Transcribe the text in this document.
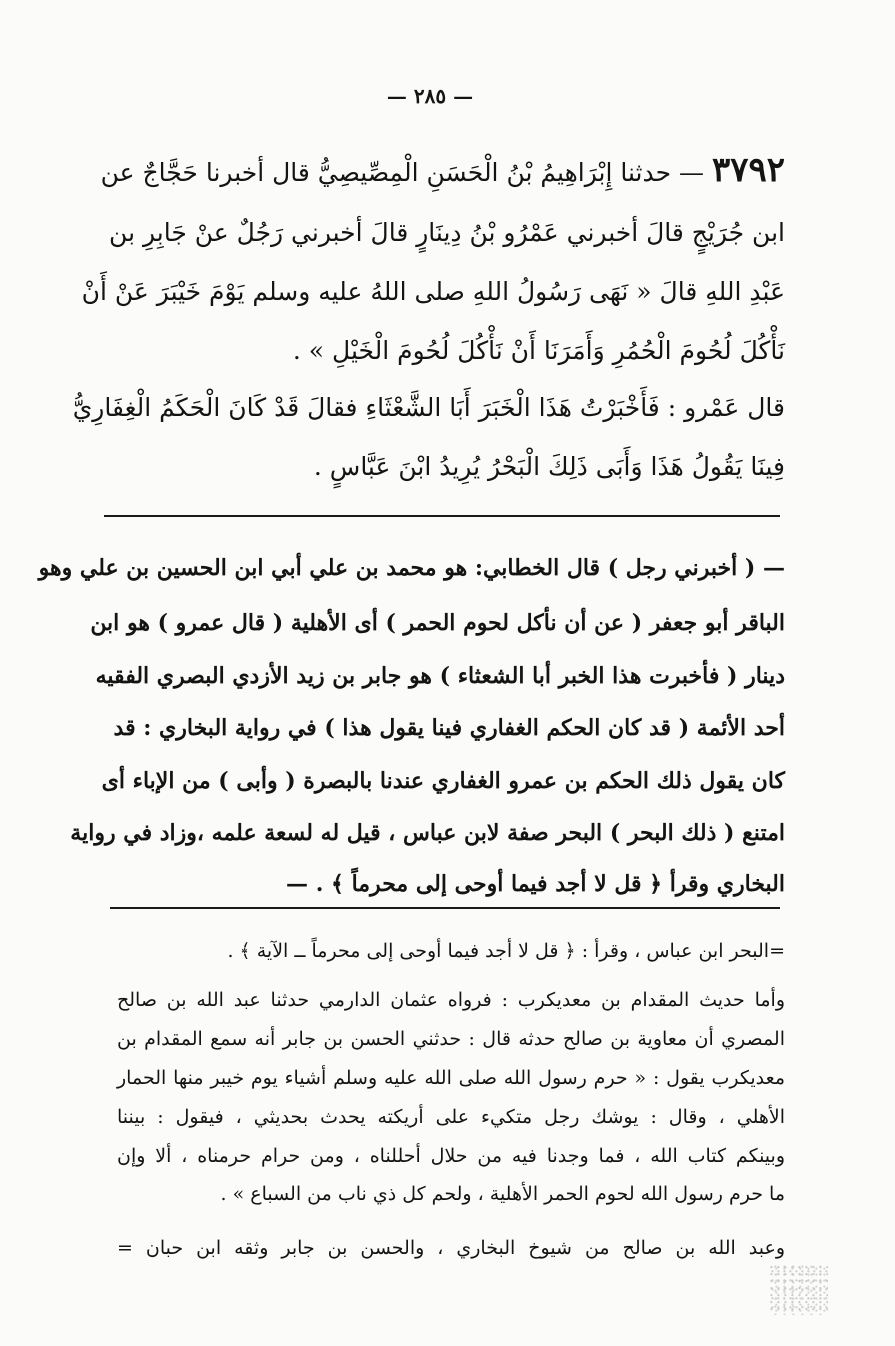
— ٢٨٥ —
٣٧٩٢ — حدثنا إِبْرَاهِيمُ بْنُ الْحَسَنِ الْمِصِّيصِيُّ قال أخبرنا حَجَّاجٌ عن
ابن جُرَيْجٍ قالَ أخبرني عَمْرُو بْنُ دِينَارٍ قالَ أخبرني رَجُلٌ عنْ جَابِرِ بن
عَبْدِ اللهِ قالَ « نَهَى رَسُولُ اللهِ صلى اللهُ عليه وسلم يَوْمَ خَيْبَرَ عَنْ أَنْ
نَأْكُلَ لُحُومَ الْحُمُرِ وَأَمَرَنَا أَنْ نَأْكُلَ لُحُومَ الْخَيْلِ » .
قال عَمْرو : فَأَخْبَرْتُ هَذَا الْخَبَرَ أَبَا الشَّعْثَاءِ فقالَ قَدْ كَانَ الْحَكَمُ الْغِفَارِيُّ
فِينَا يَقُولُ هَذَا وَأَبَى ذَلِكَ الْبَحْرُ يُرِيدُ ابْنَ عَبَّاسٍ .
— ( أخبرني رجل ) قال الخطابي: هو محمد بن علي أبي ابن الحسين بن علي وهو
الباقر أبو جعفر ( عن أن نأكل لحوم الحمر ) أى الأهلية ( قال عمرو ) هو ابن
دينار ( فأخبرت هذا الخبر أبا الشعثاء ) هو جابر بن زيد الأزدي البصري الفقيه
أحد الأئمة ( قد كان الحكم الغفاري فينا يقول هذا ) في رواية البخاري : قد
كان يقول ذلك الحكم بن عمرو الغفاري عندنا بالبصرة ( وأبى ) من الإباء أى
امتنع ( ذلك البحر ) البحر صفة لابن عباس ، قيل له لسعة علمه ،وزاد في رواية
البخاري وقرأ ﴿ قل لا أجد فيما أوحى إلى محرماً ﴾ . —
=البحر ابن عباس ، وقرأ : ﴿ قل لا أجد فيما أوحى إلى محرماً ــ الآية ﴾ .
وأما حديث المقدام بن معديكرب : فرواه عثمان الدارمي حدثنا عبد الله بن صالح
المصري أن معاوية بن صالح حدثه قال : حدثني الحسن بن جابر أنه سمع المقدام بن
معديكرب يقول : « حرم رسول الله صلى الله عليه وسلم أشياء يوم خيبر منها الحمار
الأهلي ، وقال : يوشك رجل متكيء على أريكته يحدث بحديثي ، فيقول : بيننا
وبينكم كتاب الله ، فما وجدنا فيه من حلال أحللناه ، ومن حرام حرمناه ، ألا وإن
ما حرم رسول الله لحوم الحمر الأهلية ، ولحم كل ذي ناب من السباع » .
وعبد الله بن صالح من شيوخ البخاري ، والحسن بن جابر وثقه ابن حبان =
